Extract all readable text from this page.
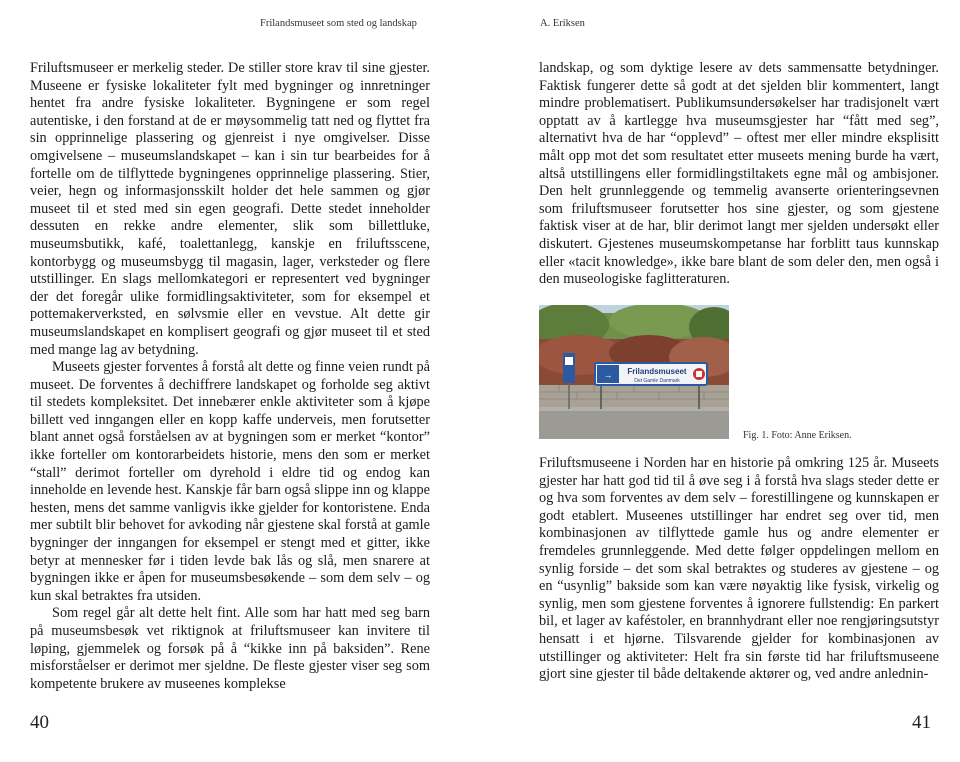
Frilandsmuseet som sted og landskap

Friluftsmuseer er merkelig steder. De stiller store krav til sine gjester. Museene er fysiske lokaliteter fylt med bygninger og innretninger hentet fra andre fysiske lokaliteter. Bygningene er som regel autentiske, i den forstand at de er møysommelig tatt ned og flyttet fra sin opprinnelige plassering og gjenreist i nye omgivelser. Disse omgivelsene – museumslandskapet – kan i sin tur bearbeides for å fortelle om de tilflyttede bygningenes opprinnelige plassering. Stier, veier, hegn og informasjonsskilt holder det hele sammen og gjør museet til et sted med sin egen geografi. Dette stedet inneholder dessuten en rekke andre elementer, slik som billettluke, museumsbutikk, kafé, toalettanlegg, kanskje en friluftsscene, kontorbygg og museumsbygg til magasin, lager, verksteder og flere utstillinger. En slags mellomkategori er representert ved bygninger der det foregår ulike formidlingsaktiviteter, som for eksempel et pottemakerverksted, en sølvsmie eller en vevstue. Alt dette gir museumslandskapet en komplisert geografi og gjør museet til et sted med mange lag av betydning.

Museets gjester forventes å forstå alt dette og finne veien rundt på museet. De forventes å dechiffrere landskapet og forholde seg aktivt til stedets kompleksitet. Det innebærer enkle aktiviteter som å kjøpe billett ved inngangen eller en kopp kaffe underveis, men forutsetter blant annet også forståelsen av at bygningen som er merket “kontor” ikke forteller om kontorarbeidets historie, mens den som er merket “stall” derimot forteller om dyrehold i eldre tid og endog kan inneholde en levende hest. Kanskje får barn også slippe inn og klappe hesten, mens det samme vanligvis ikke gjelder for kontoristene. Enda mer subtilt blir behovet for avkoding når gjestene skal forstå at gamle bygninger der inngangen for eksempel er stengt med et gitter, ikke betyr at mennesker før i tiden levde bak lås og slå, men snarere at bygningen ikke er åpen for museumsbesøkende – som dem selv – og kun skal betraktes fra utsiden.

Som regel går alt dette helt fint. Alle som har hatt med seg barn på museumsbesøk vet riktignok at friluftsmuseer kan invitere til løping, gjemmelek og forsøk på å “kikke inn på baksiden”. Rene misforståelser er derimot mer sjeldne. De fleste gjester viser seg som kompetente brukere av museenes komplekse

40
A. Eriksen

landskap, og som dyktige lesere av dets sammensatte betydninger. Faktisk fungerer dette så godt at det sjelden blir kommentert, langt mindre problematisert. Publikumsundersøkelser har tradisjonelt vært opptatt av å kartlegge hva museumsgjester har “fått med seg”, alternativt hva de har “opplevd” – oftest mer eller mindre eksplisitt målt opp mot det som resultatet etter museets mening burde ha vært, altså utstillingens eller formidlingstiltakets egne mål og ambisjoner. Den helt grunnleggende og temmelig avanserte orienteringsevnen som friluftsmuseer forutsetter hos sine gjester, og som gjestene faktisk viser at de har, blir derimot langt mer sjelden undersøkt eller diskutert. Gjestenes museumskompetanse har forblitt taus kunnskap eller «tacit knowledge», ikke bare blant de som deler den, men også i den museologiske faglitteraturen.

→ Frilandsmuseet
Det Gamle Danmark
Fig. 1. Foto: Anne Eriksen.

Friluftsmuseene i Norden har en historie på omkring 125 år. Museets gjester har hatt god tid til å øve seg i å forstå hva slags steder dette er og hva som forventes av dem selv – forestillingene og kunnskapen er godt etablert. Museenes utstillinger har endret seg over tid, men kombinasjonen av tilflyttede gamle hus og andre elementer er fremdeles grunnleggende. Med dette følger oppdelingen mellom en synlig forside – det som skal betraktes og studeres av gjestene – og en “usynlig” bakside som kan være nøyaktig like fysisk, virkelig og synlig, men som gjestene forventes å ignorere fullstendig: En parkert bil, et lager av kaféstoler, en brannhydrant eller noe rengjøringsutstyr hensatt i et hjørne. Tilsvarende gjelder for kombinasjonen av utstillinger og aktiviteter: Helt fra sin første tid har friluftsmuseene gjort sine gjester til både deltakende aktører og, ved andre anlednin-

41
